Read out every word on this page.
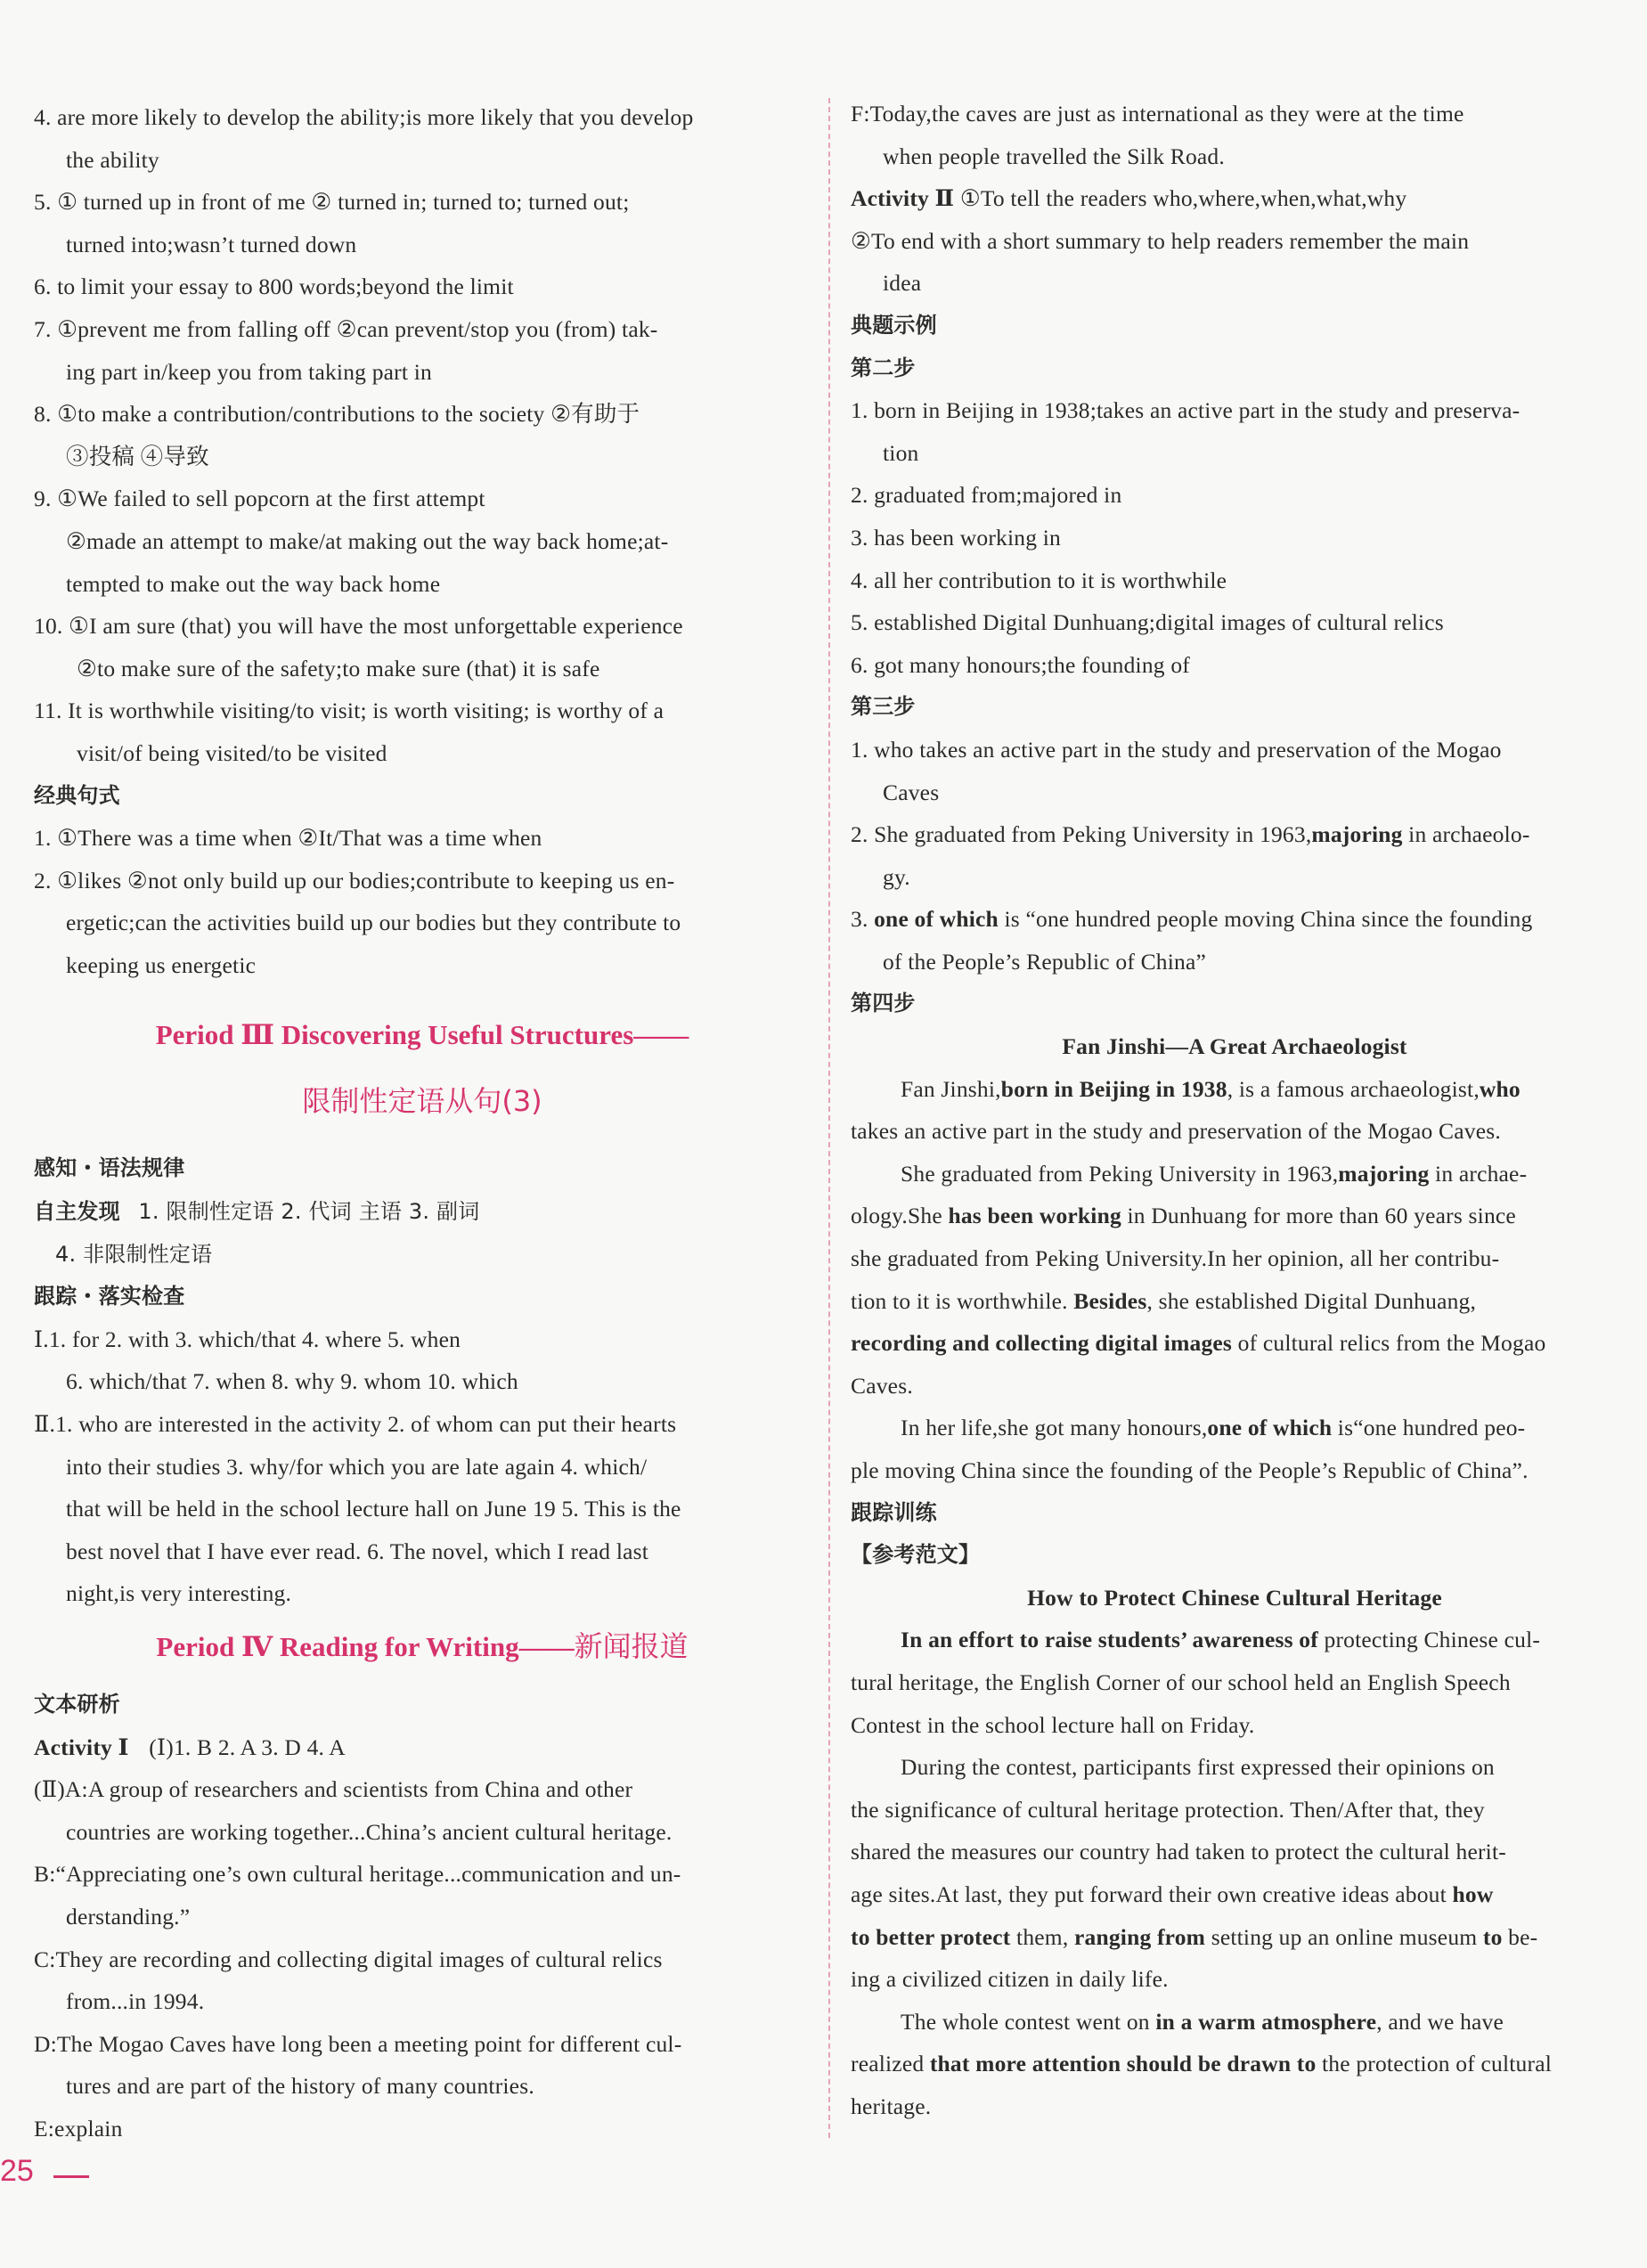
4. are more likely to develop the ability;is more likely that you develop
the ability
5. ① turned up in front of me ② turned in; turned to; turned out;
turned into;wasn’t turned down
6. to limit your essay to 800 words;beyond the limit
7. ①prevent me from falling off ②can prevent/stop you (from) tak-
ing part in/keep you from taking part in
8. ①to make a contribution/contributions to the society ②有助于
③投稿 ④导致
9. ①We failed to sell popcorn at the first attempt
②made an attempt to make/at making out the way back home;at-
tempted to make out the way back home
10. ①I am sure (that) you will have the most unforgettable experience
②to make sure of the safety;to make sure (that) it is safe
11. It is worthwhile visiting/to visit; is worth visiting; is worthy of a
visit/of being visited/to be visited
经典句式
1. ①There was a time when ②It/That was a time when
2. ①likes ②not only build up our bodies;contribute to keeping us en-
ergetic;can the activities build up our bodies but they contribute to
keeping us energetic
Period Ⅲ Discovering Useful Structures——
限制性定语从句(3)
感知・语法规律
自主发现 1. 限制性定语 2. 代词 主语 3. 副词
4. 非限制性定语
跟踪・落实检查
Ⅰ.1. for 2. with 3. which/that 4. where 5. when
6. which/that 7. when 8. why 9. whom 10. which
Ⅱ.1. who are interested in the activity 2. of whom can put their hearts
into their studies 3. why/for which you are late again 4. which/
that will be held in the school lecture hall on June 19 5. This is the
best novel that I have ever read. 6. The novel, which I read last
night,is very interesting.
Period Ⅳ Reading for Writing——新闻报道
文本研析
Activity Ⅰ (Ⅰ)1. B 2. A 3. D 4. A
(Ⅱ)A:A group of researchers and scientists from China and other
countries are working together...China’s ancient cultural heritage.
B:“Appreciating one’s own cultural heritage...communication and un-
derstanding.”
C:They are recording and collecting digital images of cultural relics
from...in 1994.
D:The Mogao Caves have long been a meeting point for different cul-
tures and are part of the history of many countries.
E:explain
F:Today,the caves are just as international as they were at the time
when people travelled the Silk Road.
Activity Ⅱ ①To tell the readers who,where,when,what,why
②To end with a short summary to help readers remember the main
idea
典题示例
第二步
1. born in Beijing in 1938;takes an active part in the study and preserva-
tion
2. graduated from;majored in
3. has been working in
4. all her contribution to it is worthwhile
5. established Digital Dunhuang;digital images of cultural relics
6. got many honours;the founding of
第三步
1. who takes an active part in the study and preservation of the Mogao
Caves
2. She graduated from Peking University in 1963,majoring in archaeolo-
gy.
3. one of which is “one hundred people moving China since the founding
of the People’s Republic of China”
第四步
Fan Jinshi—A Great Archaeologist
Fan Jinshi,born in Beijing in 1938, is a famous archaeologist,who
takes an active part in the study and preservation of the Mogao Caves.
She graduated from Peking University in 1963,majoring in archae-
ology.She has been working in Dunhuang for more than 60 years since
she graduated from Peking University.In her opinion, all her contribu-
tion to it is worthwhile. Besides, she established Digital Dunhuang,
recording and collecting digital images of cultural relics from the Mogao
Caves.
In her life,she got many honours,one of which is“one hundred peo-
ple moving China since the founding of the People’s Republic of China”.
跟踪训练
【参考范文】
How to Protect Chinese Cultural Heritage
In an effort to raise students’ awareness of protecting Chinese cul-
tural heritage, the English Corner of our school held an English Speech
Contest in the school lecture hall on Friday.
During the contest, participants first expressed their opinions on
the significance of cultural heritage protection. Then/After that, they
shared the measures our country had taken to protect the cultural herit-
age sites.At last, they put forward their own creative ideas about how
to better protect them, ranging from setting up an online museum to be-
ing a civilized citizen in daily life.
The whole contest went on in a warm atmosphere, and we have
realized that more attention should be drawn to the protection of cultural
heritage.
25
